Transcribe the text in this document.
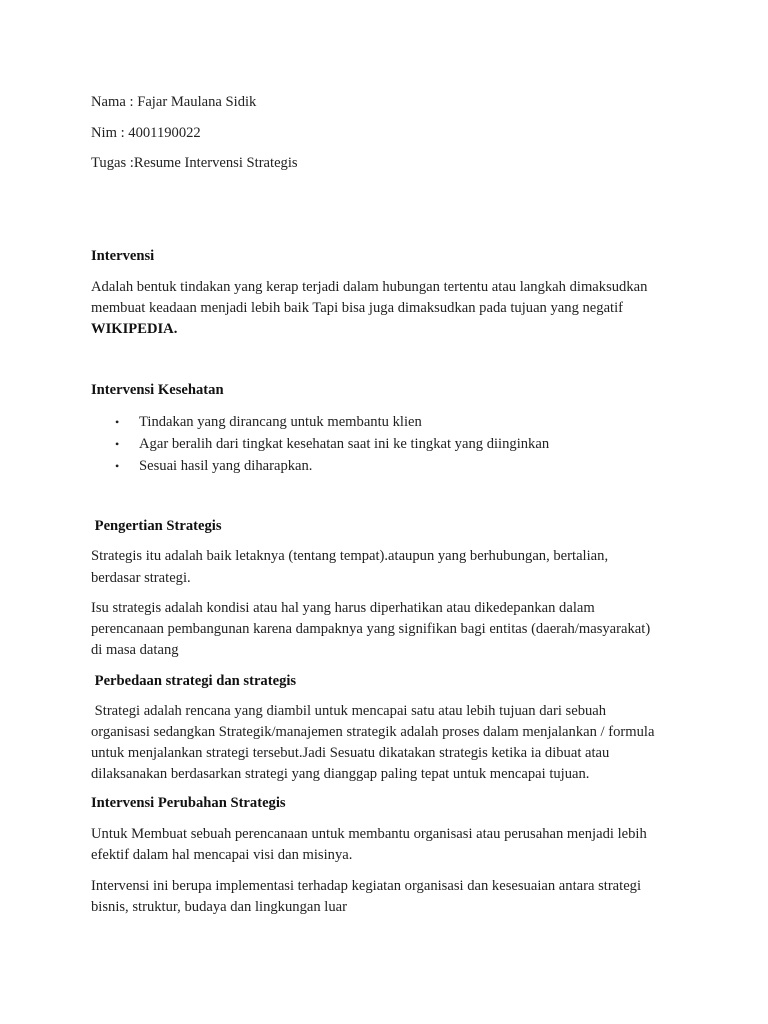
Nama : Fajar Maulana Sidik

Nim : 4001190022

Tugas :Resume Intervensi Strategis

Intervensi

Adalah bentuk tindakan yang kerap terjadi dalam hubungan tertentu atau langkah dimaksudkan

membuat keadaan menjadi lebih baik Tapi bisa juga dimaksudkan pada tujuan yang negatif

WIKIPEDIA.

Intervensi Kesehatan

• Tindakan yang dirancang untuk membantu klien
• Agar beralih dari tingkat kesehatan saat ini ke tingkat yang diinginkan
• Sesuai hasil yang diharapkan.

Pengertian Strategis

Strategis itu adalah baik letaknya (tentang tempat).ataupun yang berhubungan, bertalian,

berdasar strategi.

Isu strategis adalah kondisi atau hal yang harus diperhatikan atau dikedepankan dalam

perencanaan pembangunan karena dampaknya yang signifikan bagi entitas (daerah/masyarakat)

di masa datang

Perbedaan strategi dan strategis

Strategi adalah rencana yang diambil untuk mencapai satu atau lebih tujuan dari sebuah

organisasi sedangkan Strategik/manajemen strategik adalah proses dalam menjalankan / formula

untuk menjalankan strategi tersebut.Jadi Sesuatu dikatakan strategis ketika ia dibuat atau

dilaksanakan berdasarkan strategi yang dianggap paling tepat untuk mencapai tujuan.

Intervensi Perubahan Strategis

Untuk Membuat sebuah perencanaan untuk membantu organisasi atau perusahan menjadi lebih

efektif dalam hal mencapai visi dan misinya.

Intervensi ini berupa implementasi terhadap kegiatan organisasi dan kesesuaian antara strategi

bisnis, struktur, budaya dan lingkungan luar
